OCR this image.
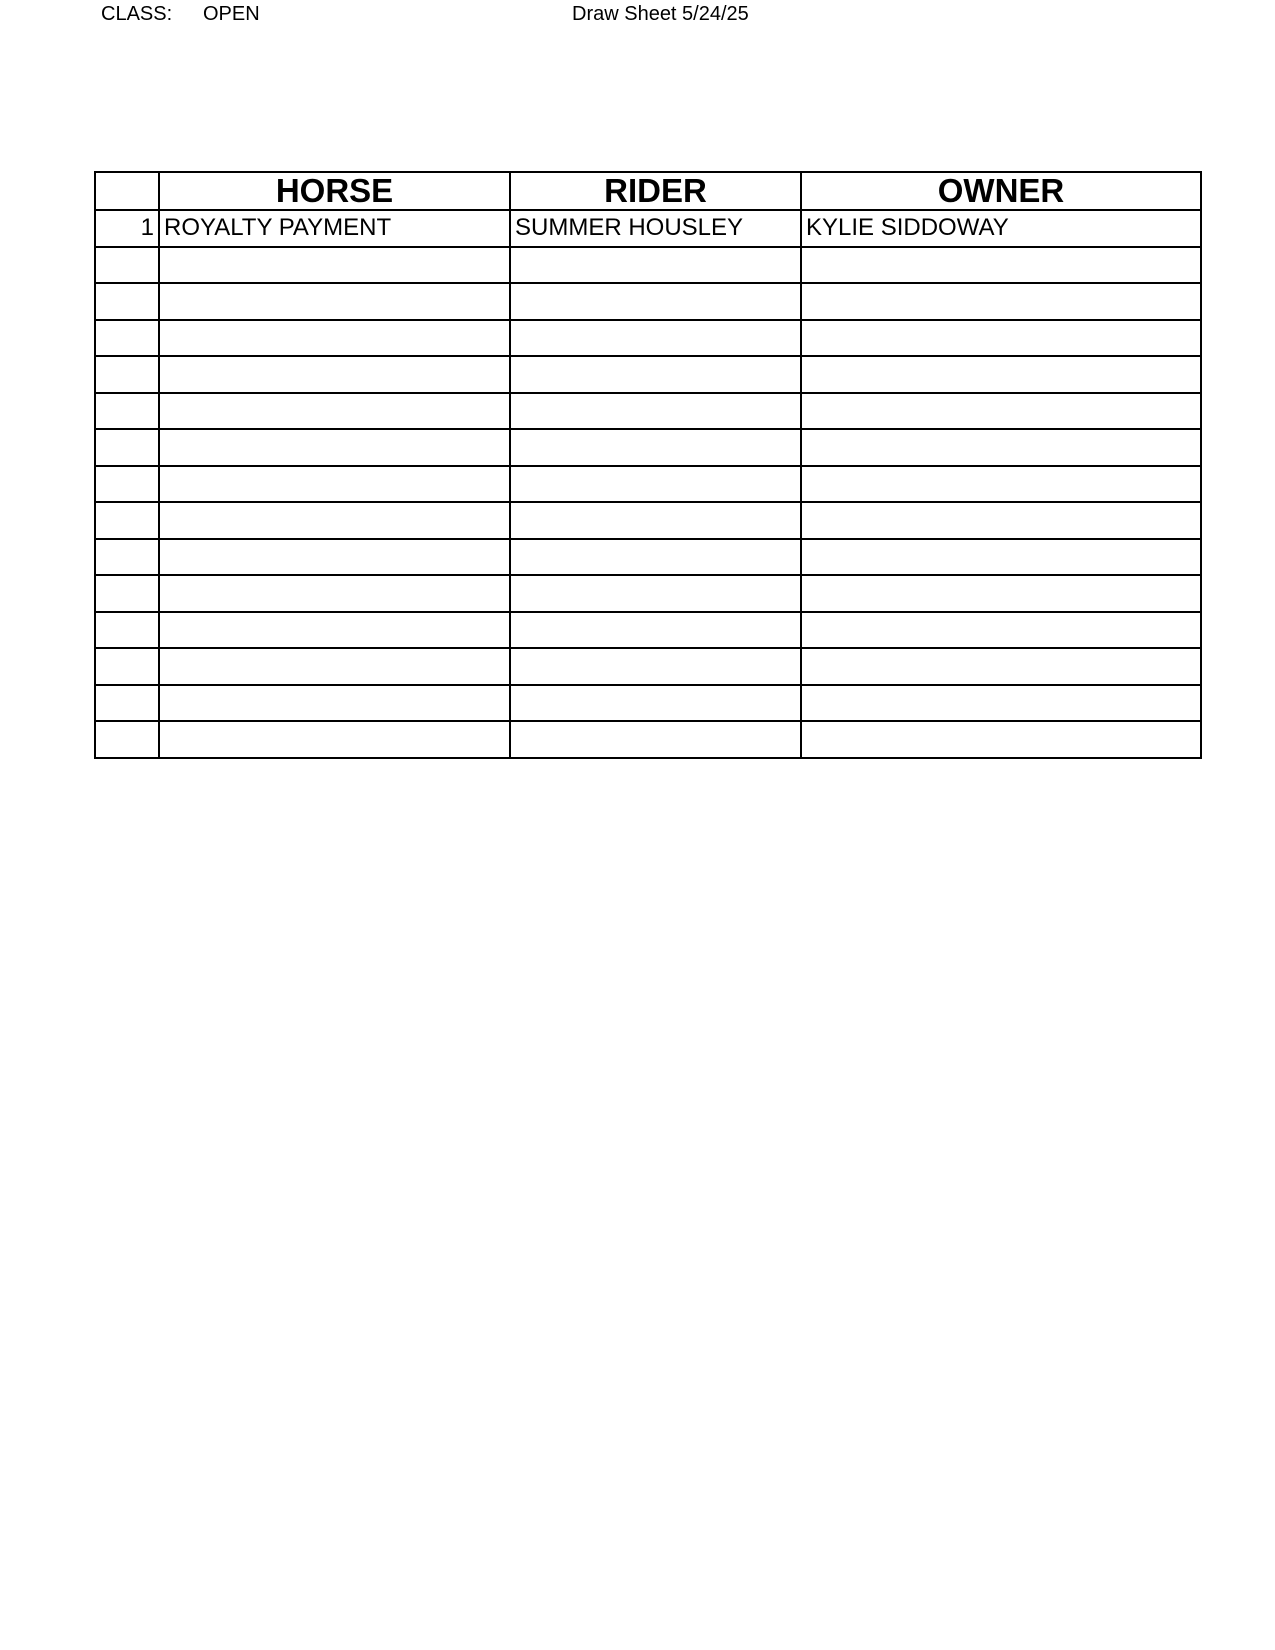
CLASS: OPEN	Draw Sheet 5/24/25
	HORSE	RIDER	OWNER
1	ROYALTY PAYMENT	SUMMER HOUSLEY	KYLIE SIDDOWAY
